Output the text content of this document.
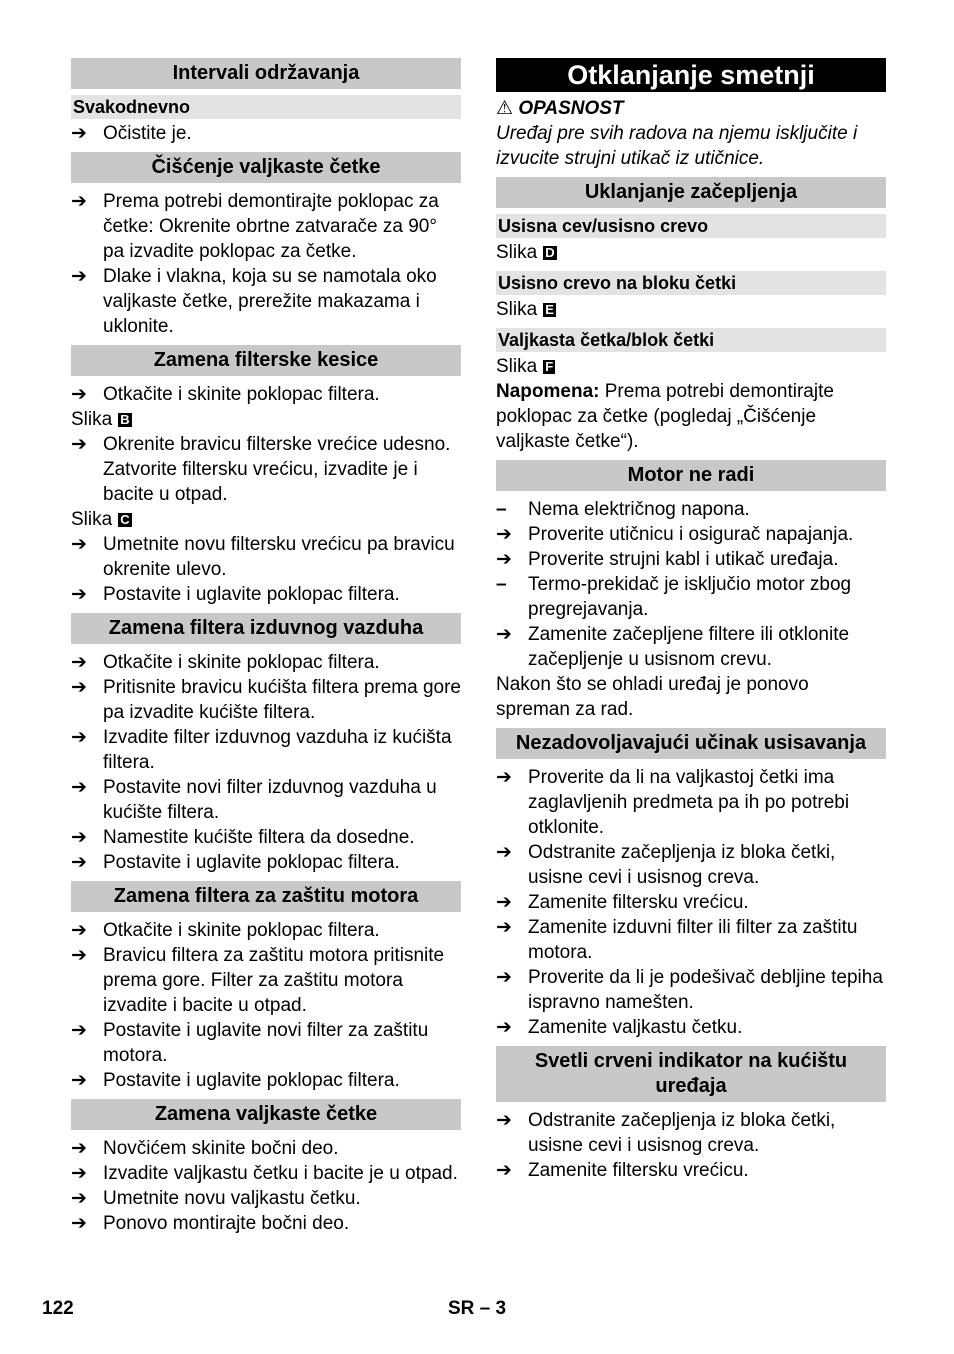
Intervali održavanja
Svakodnevno
➔ Očistite je.
Čišćenje valjkaste četke
➔ Prema potrebi demontirajte poklopac za četke: Okrenite obrtne zatvarače za 90° pa izvadite poklopac za četke.
➔ Dlake i vlakna, koja su se namotala oko valjkaste četke, prerežite makazama i uklonite.
Zamena filterske kesice
➔ Otkačite i skinite poklopac filtera.
Slika B
➔ Okrenite bravicu filterske vrećice udesno. Zatvorite filtersku vrećicu, izvadite je i bacite u otpad.
Slika C
➔ Umetnite novu filtersku vrećicu pa bravicu okrenite ulevo.
➔ Postavite i uglavite poklopac filtera.
Zamena filtera izduvnog vazduha
➔ Otkačite i skinite poklopac filtera.
➔ Pritisnite bravicu kućišta filtera prema gore pa izvadite kućište filtera.
➔ Izvadite filter izduvnog vazduha iz kućišta filtera.
➔ Postavite novi filter izduvnog vazduha u kućište filtera.
➔ Namestite kućište filtera da dosedne.
➔ Postavite i uglavite poklopac filtera.
Zamena filtera za zaštitu motora
➔ Otkačite i skinite poklopac filtera.
➔ Bravicu filtera za zaštitu motora pritisnite prema gore. Filter za zaštitu motora izvadite i bacite u otpad.
➔ Postavite i uglavite novi filter za zaštitu motora.
➔ Postavite i uglavite poklopac filtera.
Zamena valjkaste četke
➔ Novčićem skinite bočni deo.
➔ Izvadite valjkastu četku i bacite je u otpad.
➔ Umetnite novu valjkastu četku.
➔ Ponovo montirajte bočni deo.
Otklanjanje smetnji
⚠ OPASNOST
Uređaj pre svih radova na njemu isključite i izvucite strujni utikač iz utičnice.
Uklanjanje začepljenja
Usisna cev/usisno crevo
Slika D
Usisno crevo na bloku četki
Slika E
Valjkasta četka/blok četki
Slika F
Napomena: Prema potrebi demontirajte poklopac za četke (pogledaj „Čišćenje valjkaste četke“).
Motor ne radi
–	Nema električnog napona.
➔ Proverite utičnicu i osigurač napajanja.
➔ Proverite strujni kabl i utikač uređaja.
–	Termo-prekidač je isključio motor zbog pregrejavanja.
➔ Zamenite začepljene filtere ili otklonite začepljenje u usisnom crevu.
Nakon što se ohladi uređaj je ponovo spreman za rad.
Nezadovoljavajući učinak usisavanja
➔ Proverite da li na valjkastoj četki ima zaglavljenih predmeta pa ih po potrebi otklonite.
➔ Odstranite začepljenja iz bloka četki, usisne cevi i usisnog creva.
➔ Zamenite filtersku vrećicu.
➔ Zamenite izduvni filter ili filter za zaštitu motora.
➔ Proverite da li je podešivač debljine tepiha ispravno namešten.
➔ Zamenite valjkastu četku.
Svetli crveni indikator na kućištu uređaja
➔ Odstranite začepljenja iz bloka četki, usisne cevi i usisnog creva.
➔ Zamenite filtersku vrećicu.
122	SR – 3
